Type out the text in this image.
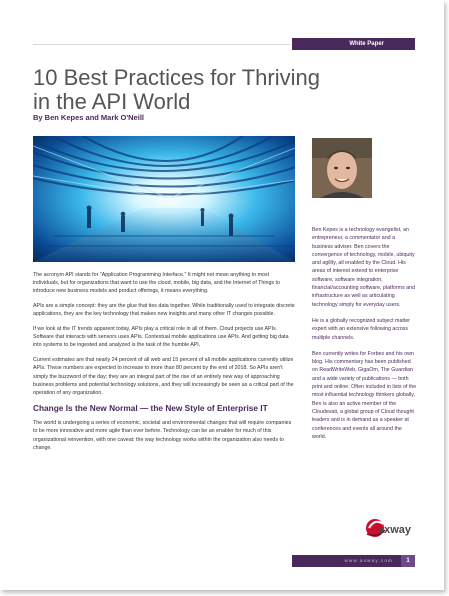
White Paper
10 Best Practices for Thriving in the API World
By Ben Kepes and Mark O'Neill

Ben Kepes is a technology evangelist, an entrepreneur, a commentator and a business adviser. Ben covers the convergence of technology, mobile, ubiquity and agility, all enabled by the Cloud. His areas of interest extend to enterprise software, software integration, financial/accounting software, platforms and infrastructure as well as articulating technology simply for everyday users.

He is a globally recognized subject matter expert with an extensive following across multiple channels.

Ben currently writes for Forbes and his own blog. His commentary has been published on ReadWriteWeb, GigaOm, The Guardian and a wide variety of publications — both print and online. Often included in lists of the most influential technology thinkers globally, Ben is also an active member of the Cloudevati, a global group of Cloud thought leaders and is in demand as a speaker at conferences and events all around the world.

The acronym API stands for "Application Programming Interface." It might not mean anything to most individuals, but for organizations that want to use the cloud, mobile, big data, and the Internet of Things to introduce new business models and product offerings, it means everything.

APIs are a simple concept: they are the glue that ties data together. While traditionally used to integrate discrete applications, they are the key technology that makes new insights and many other IT changes possible.

If we look at the IT trends apparent today, APIs play a critical role in all of them. Cloud projects use APIs. Software that interacts with sensors uses APIs. Contextual mobile applications use APIs. And getting big data into systems to be ingested and analyzed is the task of the humble API.

Current estimates are that nearly 24 percent of all web and 15 percent of all mobile applications currently utilize APIs. These numbers are expected to increase to more than 80 percent by the end of 2018. So APIs aren't simply the buzzword of the day; they are an integral part of the rise of an entirely new way of approaching business problems and potential technology solutions, and they will increasingly be seen as a critical part of the operation of any organization.

Change Is the New Normal — the New Style of Enterprise IT

The world is undergoing a series of economic, societal and environmental changes that will require companies to be more innovative and more agile than ever before. Technology can be an enabler for much of this organizational reinvention, with one caveat: the way technology works within the organization also needs to change.

axway
www.axway.com	1
